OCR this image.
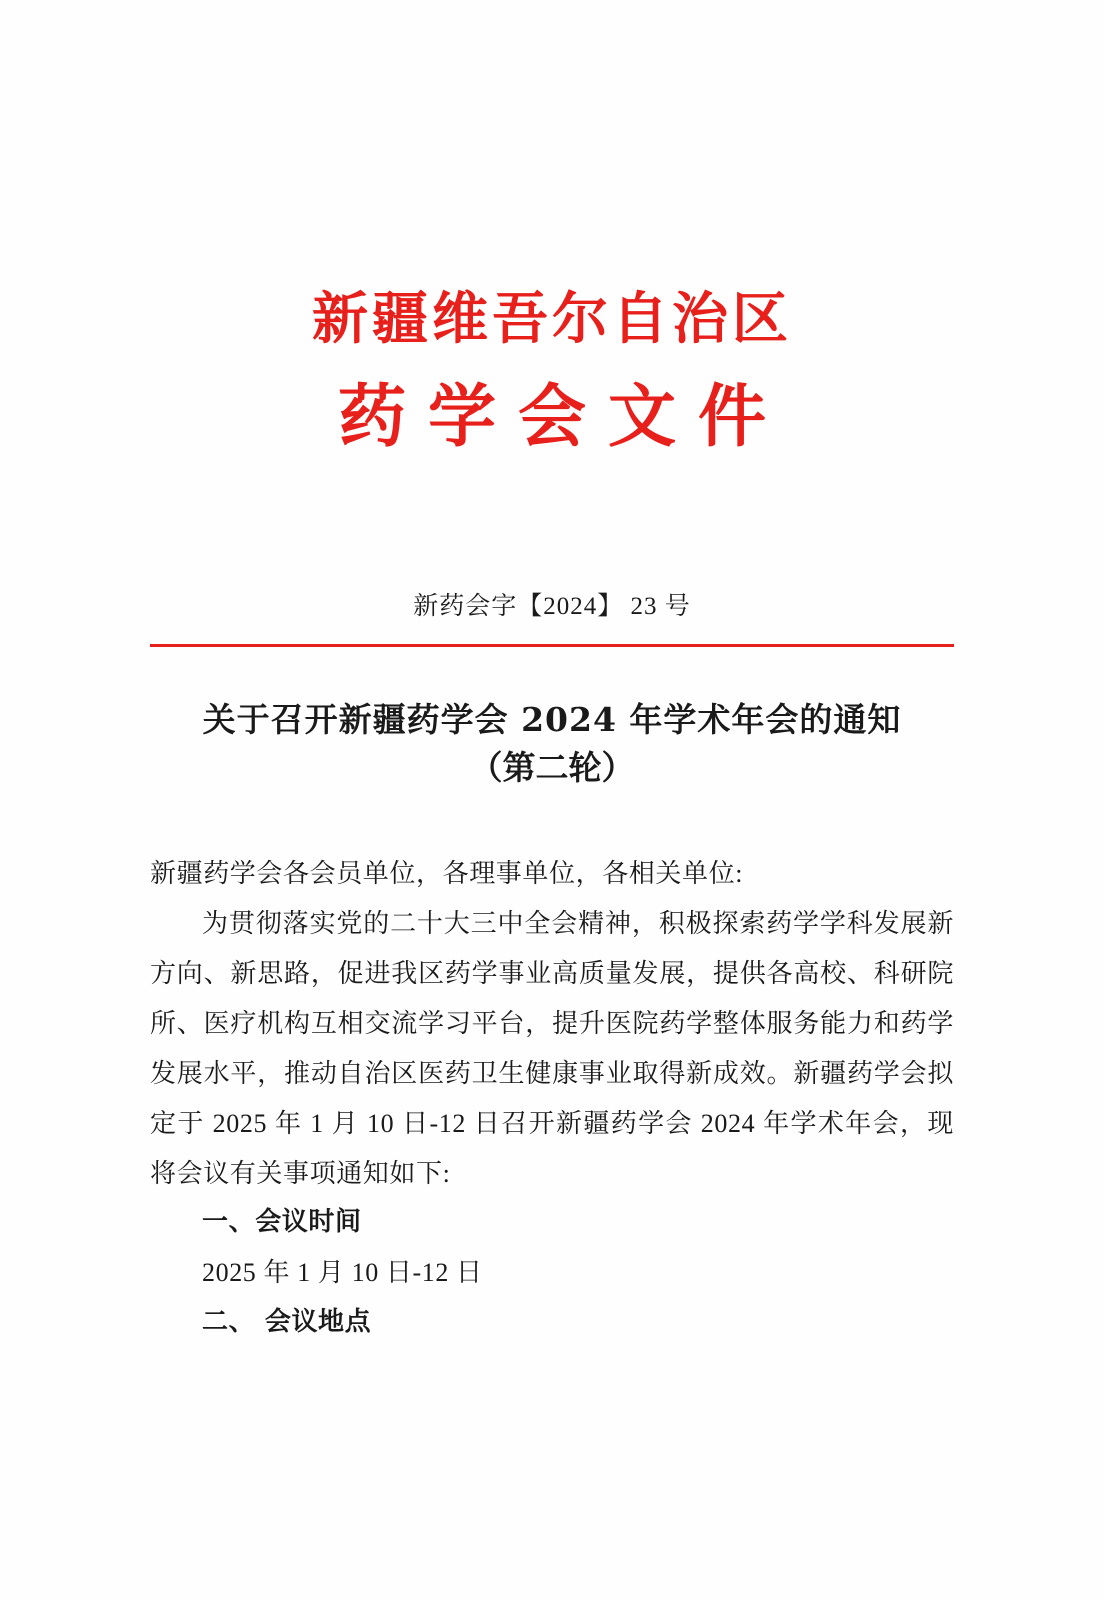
新疆维吾尔自治区
药学会文件
新药会字【2024】 23 号
关于召开新疆药学会 2024 年学术年会的通知
（第二轮）
新疆药学会各会员单位，各理事单位，各相关单位:
为贯彻落实党的二十大三中全会精神，积极探索药学学科发展新方向、新思路，促进我区药学事业高质量发展，提供各高校、科研院所、医疗机构互相交流学习平台，提升医院药学整体服务能力和药学发展水平，推动自治区医药卫生健康事业取得新成效。新疆药学会拟定于 2025 年 1 月 10 日-12 日召开新疆药学会 2024 年学术年会，现将会议有关事项通知如下:
一、会议时间
2025 年 1 月 10 日-12 日
二、 会议地点
